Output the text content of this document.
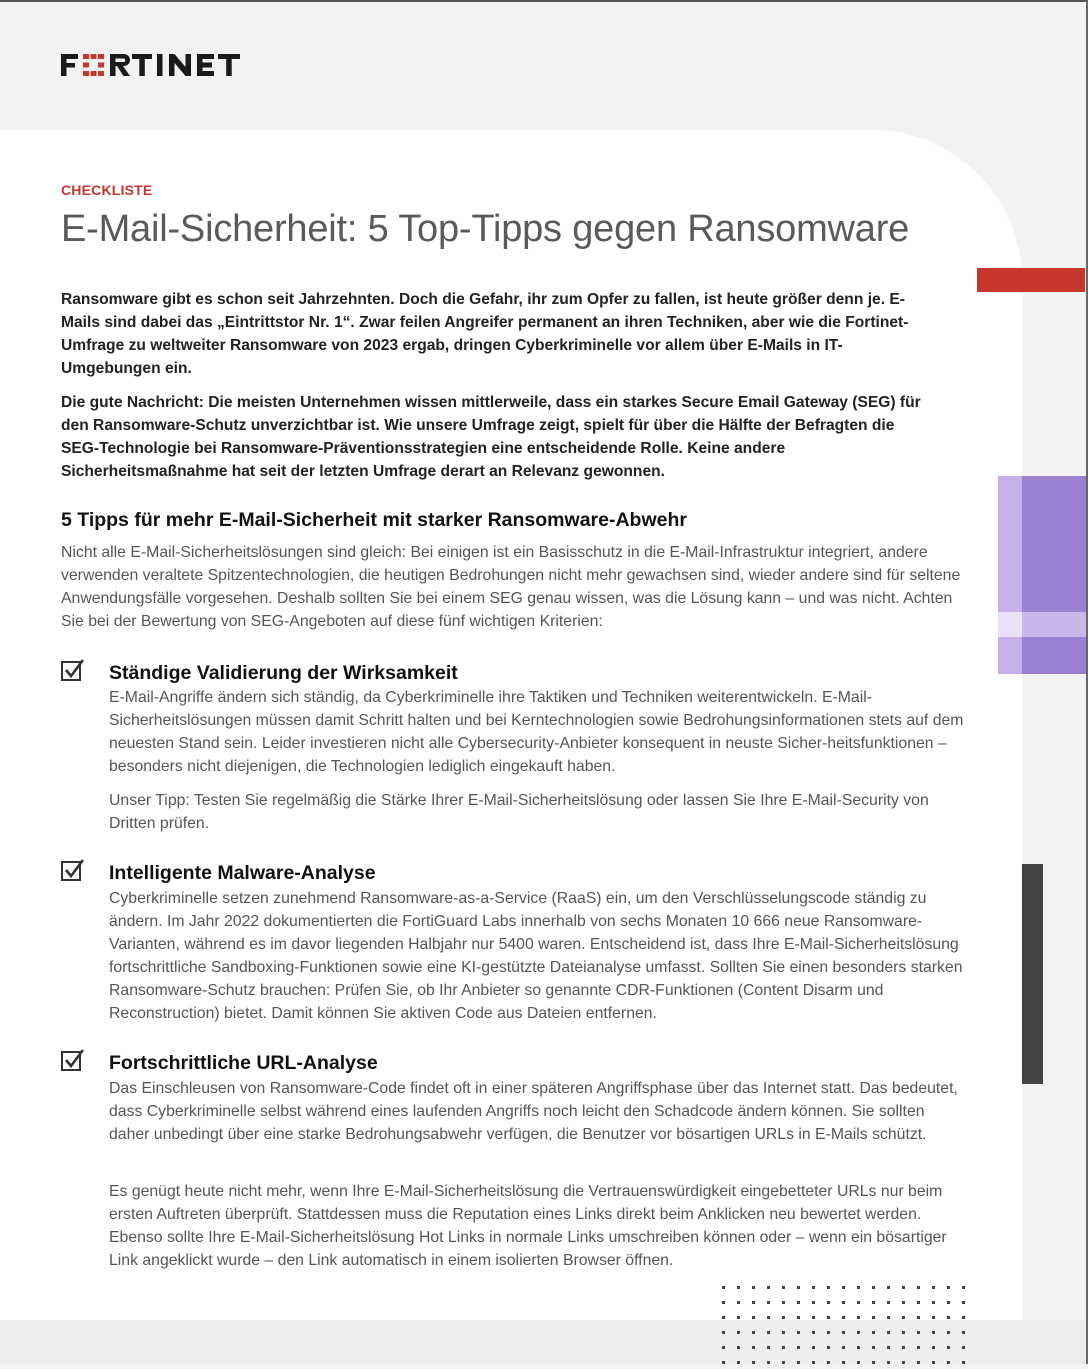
CHECKLISTE
E-Mail-Sicherheit: 5 Top-Tipps gegen Ransomware

Ransomware gibt es schon seit Jahrzehnten. Doch die Gefahr, ihr zum Opfer zu fallen, ist heute größer denn je. E-Mails sind dabei das „Eintrittstor Nr. 1“. Zwar feilen Angreifer permanent an ihren Techniken, aber wie die Fortinet-Umfrage zu weltweiter Ransomware von 2023 ergab, dringen Cyberkriminelle vor allem über E-Mails in IT-Umgebungen ein.

Die gute Nachricht: Die meisten Unternehmen wissen mittlerweile, dass ein starkes Secure Email Gateway (SEG) für den Ransomware-Schutz unverzichtbar ist. Wie unsere Umfrage zeigt, spielt für über die Hälfte der Befragten die SEG-Technologie bei Ransomware-Präventionsstrategien eine entscheidende Rolle. Keine andere Sicherheitsmaßnahme hat seit der letzten Umfrage derart an Relevanz gewonnen.

5 Tipps für mehr E-Mail-Sicherheit mit starker Ransomware-Abwehr

Nicht alle E-Mail-Sicherheitslösungen sind gleich: Bei einigen ist ein Basisschutz in die E-Mail-Infrastruktur integriert, andere verwenden veraltete Spitzentechnologien, die heutigen Bedrohungen nicht mehr gewachsen sind, wieder andere sind für seltene Anwendungsfälle vorgesehen. Deshalb sollten Sie bei einem SEG genau wissen, was die Lösung kann – und was nicht. Achten Sie bei der Bewertung von SEG-Angeboten auf diese fünf wichtigen Kriterien:

Ständige Validierung der Wirksamkeit

E-Mail-Angriffe ändern sich ständig, da Cyberkriminelle ihre Taktiken und Techniken weiterentwickeln. E-Mail-Sicherheitslösungen müssen damit Schritt halten und bei Kerntechnologien sowie Bedrohungsinformationen stets auf dem neuesten Stand sein. Leider investieren nicht alle Cybersecurity-Anbieter konsequent in neuste Sicher-heitsfunktionen – besonders nicht diejenigen, die Technologien lediglich eingekauft haben.

Unser Tipp: Testen Sie regelmäßig die Stärke Ihrer E-Mail-Sicherheitslösung oder lassen Sie Ihre E-Mail-Security von Dritten prüfen.

Intelligente Malware-Analyse

Cyberkriminelle setzen zunehmend Ransomware-as-a-Service (RaaS) ein, um den Verschlüsselungscode ständig zu ändern. Im Jahr 2022 dokumentierten die FortiGuard Labs innerhalb von sechs Monaten 10 666 neue Ransomware-Varianten, während es im davor liegenden Halbjahr nur 5400 waren. Entscheidend ist, dass Ihre E-Mail-Sicherheitslösung fortschrittliche Sandboxing-Funktionen sowie eine KI-gestützte Dateianalyse umfasst. Sollten Sie einen besonders starken Ransomware-Schutz brauchen: Prüfen Sie, ob Ihr Anbieter so genannte CDR-Funktionen (Content Disarm und Reconstruction) bietet. Damit können Sie aktiven Code aus Dateien entfernen.

Fortschrittliche URL-Analyse

Das Einschleusen von Ransomware-Code findet oft in einer späteren Angriffsphase über das Internet statt. Das bedeutet, dass Cyberkriminelle selbst während eines laufenden Angriffs noch leicht den Schadcode ändern können. Sie sollten daher unbedingt über eine starke Bedrohungsabwehr verfügen, die Benutzer vor bösartigen URLs in E-Mails schützt.

Es genügt heute nicht mehr, wenn Ihre E-Mail-Sicherheitslösung die Vertrauenswürdigkeit eingebetteter URLs nur beim ersten Auftreten überprüft. Stattdessen muss die Reputation eines Links direkt beim Anklicken neu bewertet werden. Ebenso sollte Ihre E-Mail-Sicherheitslösung Hot Links in normale Links umschreiben können oder – wenn ein bösartiger Link angeklickt wurde – den Link automatisch in einem isolierten Browser öffnen.
